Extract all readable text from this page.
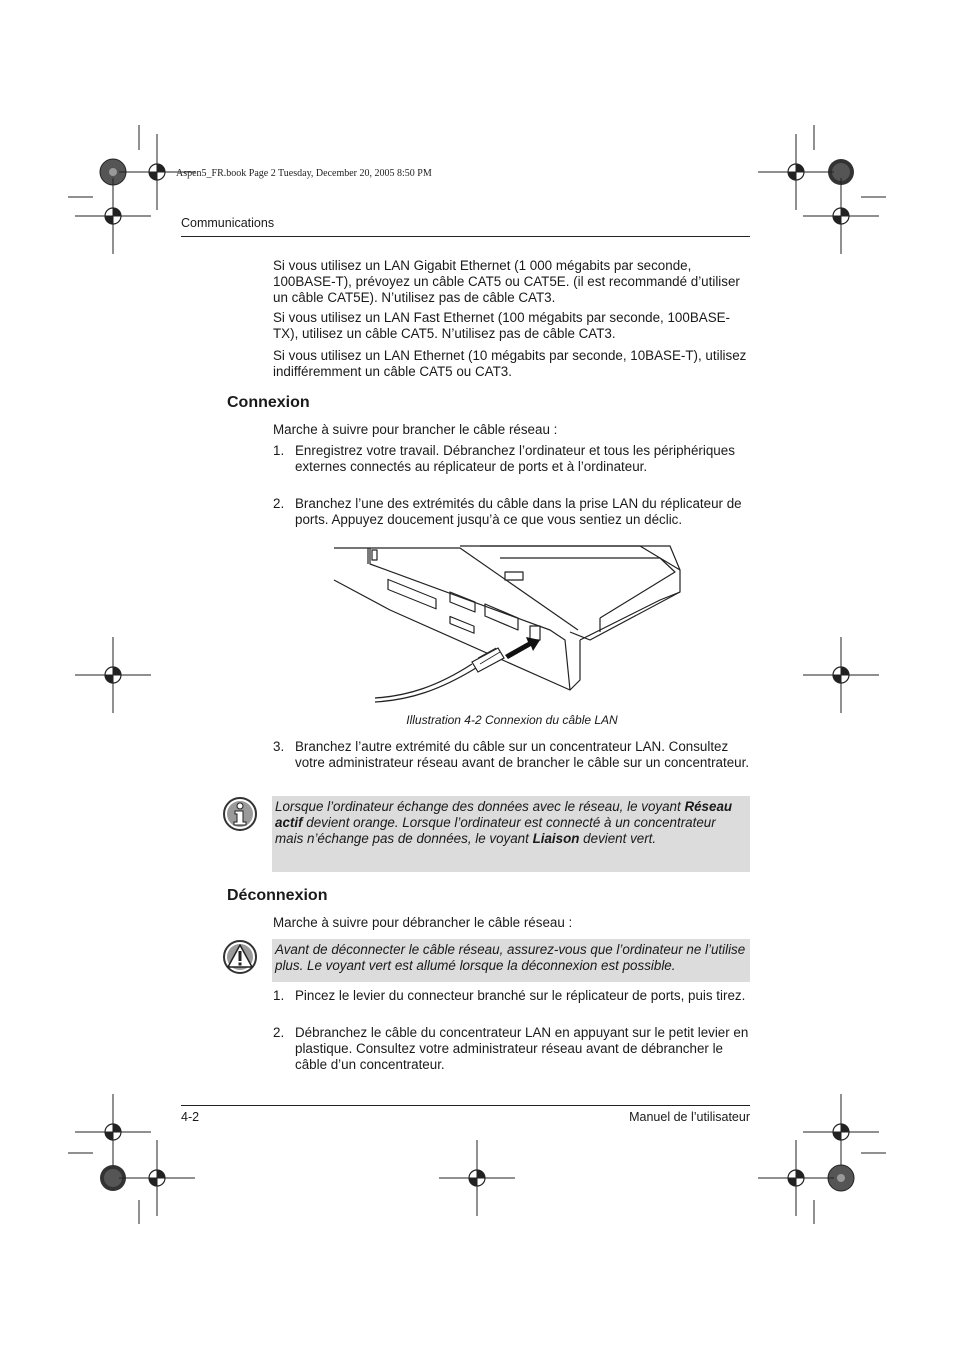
Aspen5_FR.book Page 2 Tuesday, December 20, 2005 8:50 PM
Communications
Si vous utilisez un LAN Gigabit Ethernet (1 000 mégabits par seconde, 100BASE-T), prévoyez un câble CAT5 ou CAT5E. (il est recommandé d’utiliser un câble CAT5E). N’utilisez pas de câble CAT3.
Si vous utilisez un LAN Fast Ethernet (100 mégabits par seconde, 100BASE-TX), utilisez un câble CAT5. N’utilisez pas de câble CAT3.
Si vous utilisez un LAN Ethernet (10 mégabits par seconde, 10BASE-T), utilisez indifféremment un câble CAT5 ou CAT3.
Connexion
Marche à suivre pour brancher le câble réseau :
1. Enregistrez votre travail. Débranchez l’ordinateur et tous les périphériques externes connectés au réplicateur de ports et à l’ordinateur.
2. Branchez l’une des extrémités du câble dans la prise LAN du réplicateur de ports. Appuyez doucement jusqu’à ce que vous sentiez un déclic.
Illustration 4-2 Connexion du câble LAN
3. Branchez l’autre extrémité du câble sur un concentrateur LAN. Consultez votre administrateur réseau avant de brancher le câble sur un concentrateur.
Lorsque l’ordinateur échange des données avec le réseau, le voyant Réseau actif devient orange. Lorsque l’ordinateur est connecté à un concentrateur mais n’échange pas de données, le voyant Liaison devient vert.
Déconnexion
Marche à suivre pour débrancher le câble réseau :
Avant de déconnecter le câble réseau, assurez-vous que l’ordinateur ne l’utilise plus. Le voyant vert est allumé lorsque la déconnexion est possible.
1. Pincez le levier du connecteur branché sur le réplicateur de ports, puis tirez.
2. Débranchez le câble du concentrateur LAN en appuyant sur le petit levier en plastique. Consultez votre administrateur réseau avant de débrancher le câble d’un concentrateur.
4-2	Manuel de l’utilisateur
